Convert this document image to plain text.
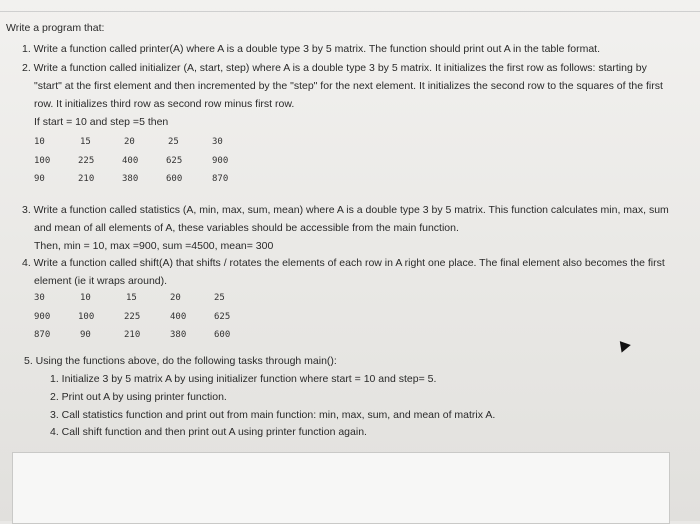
Write a program that:
1. Write a function called printer(A) where A is a double type 3 by 5 matrix. The function should print out A in the table format.
2. Write a function called initializer (A, start, step) where A is a double type 3 by 5 matrix. It initializes the first row as follows: starting by
"start" at the first element and then incremented by the "step" for the next element. It initializes the second row to the squares of the first
row. It initializes third row as second row minus first row.
If start = 10 and step =5 then
10	15	20	25	30
100	225	400	625	900
90	210	380	600	870
3. Write a function called statistics (A, min, max, sum, mean) where A is a double type 3 by 5 matrix. This function calculates min, max, sum
and mean of all elements of A, these variables should be accessible from the main function.
Then, min = 10, max =900, sum =4500, mean= 300
4. Write a function called shift(A) that shifts / rotates the elements of each row in A right one place. The final element also becomes the first
element (ie it wraps around).
30	10	15	20	25
900	100	225	400	625
870	90	210	380	600
5. Using the functions above, do the following tasks through main():
1. Initialize 3 by 5 matrix A by using initializer function where start = 10 and step= 5.
2. Print out A by using printer function.
3. Call statistics function and print out from main function: min, max, sum, and mean of matrix A.
4. Call shift function and then print out A using printer function again.
